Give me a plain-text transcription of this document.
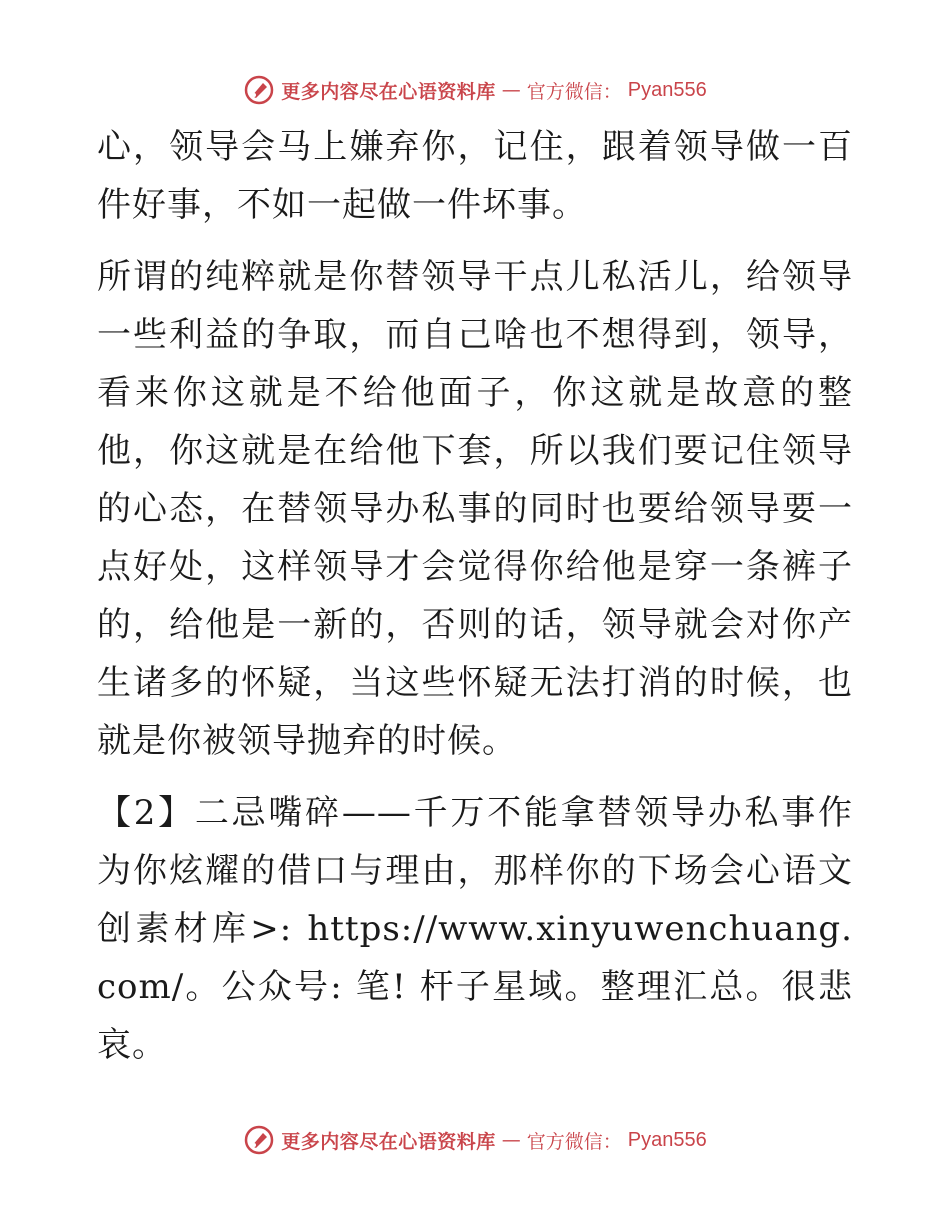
更多内容尽在心语资料库 — 官方微信： Pyan556

心，领导会马上嫌弃你，记住，跟着领导做一百件好事，不如一起做一件坏事。

所谓的纯粹就是你替领导干点儿私活儿，给领导一些利益的争取，而自己啥也不想得到，领导，看来你这就是不给他面子，你这就是故意的整他，你这就是在给他下套，所以我们要记住领导的心态，在替领导办私事的同时也要给领导要一点好处，这样领导才会觉得你给他是穿一条裤子的，给他是一新的，否则的话，领导就会对你产生诸多的怀疑，当这些怀疑无法打消的时候，也就是你被领导抛弃的时候。

【2】二忌嘴碎——千万不能拿替领导办私事作为你炫耀的借口与理由，那样你的下场会心语文创素材库>: https://www.xinyuwenchuang.com/。公众号: 笔! 杆子星域。整理汇总。很悲哀。

更多内容尽在心语资料库 — 官方微信： Pyan556
